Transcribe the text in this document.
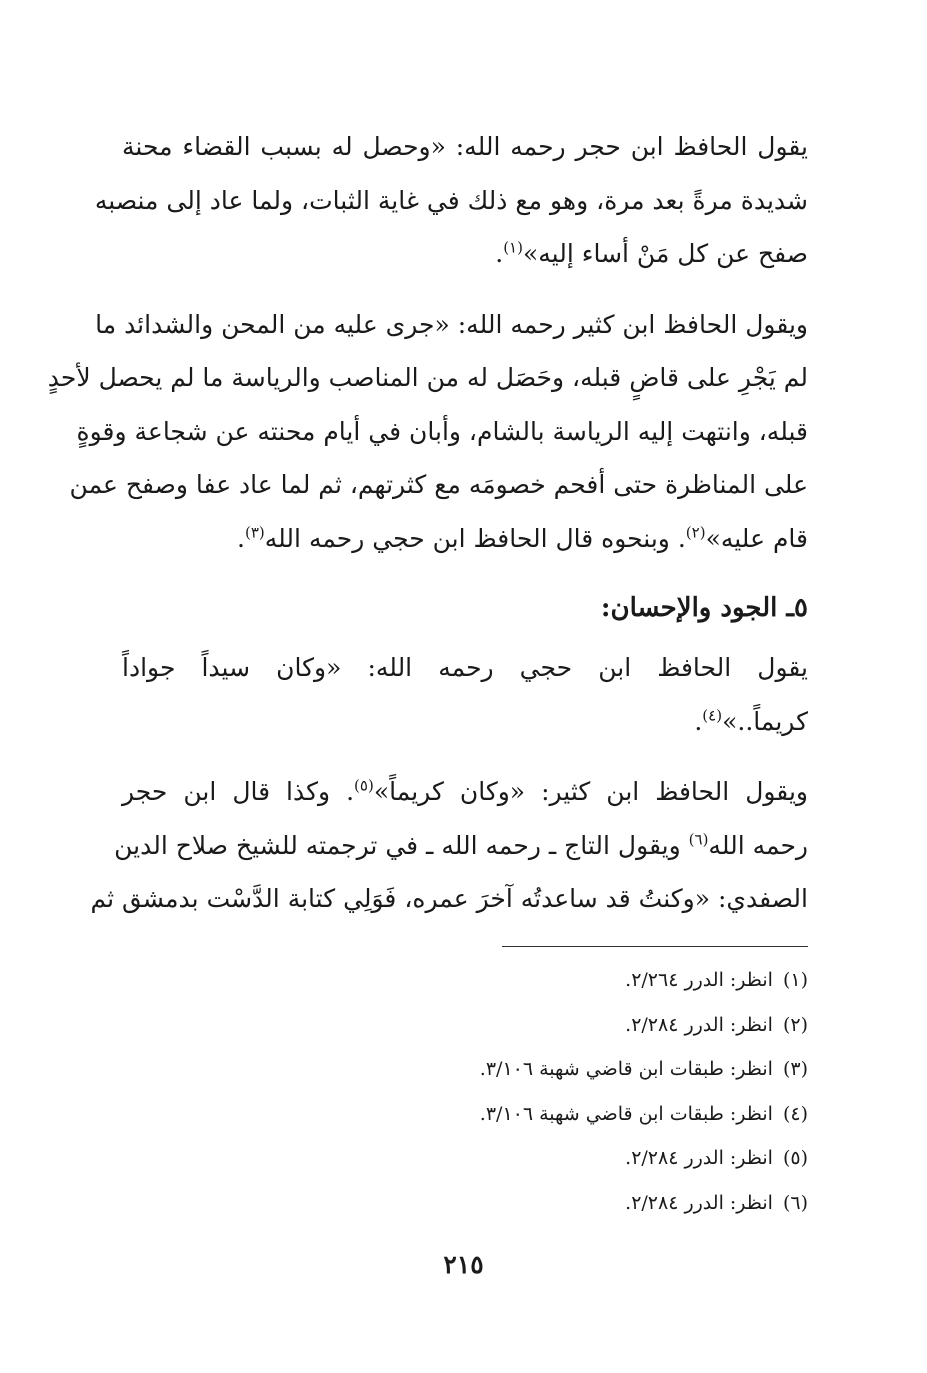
يقول الحافظ ابن حجر رحمه الله: «وحصل له بسبب القضاء محنة
شديدة مرةً بعد مرة، وهو مع ذلك في غاية الثبات، ولما عاد إلى منصبه
صفح عن كل مَنْ أساء إليه»$^{(١)}$.

ويقول الحافظ ابن كثير رحمه الله: «جرى عليه من المحن والشدائد ما
لم يَجْرِ على قاضٍ قبله، وحَصَل له من المناصب والرياسة ما لم يحصل لأحدٍ
قبله، وانتهت إليه الرياسة بالشام، وأبان في أيام محنته عن شجاعة وقوةٍ
على المناظرة حتى أفحم خصومَه مع كثرتهم، ثم لما عاد عفا وصفح عمن
قام عليه»$^{(٢)}$. وبنحوه قال الحافظ ابن حجي رحمه الله$^{(٣)}$.

٥ـ الجود والإحسان:

يقول الحافظ ابن حجي رحمه الله: «وكان سيداً جواداً
كريماً..»$^{(٤)}$.

ويقول الحافظ ابن كثير: «وكان كريماً»$^{(٥)}$. وكذا قال ابن حجر
رحمه الله$^{(٦)}$ ويقول التاج ـ رحمه الله ـ في ترجمته للشيخ صلاح الدين
الصفدي: «وكنتُ قد ساعدتُه آخرَ عمره، فَوَلِي كتابة الدَّسْت بدمشق ثم

(١)انظر: الدرر ٢/٢٦٤.
(٢)انظر: الدرر ٢/٢٨٤.
(٣)انظر: طبقات ابن قاضي شهبة ٣/١٠٦.
(٤)انظر: طبقات ابن قاضي شهبة ٣/١٠٦.
(٥)انظر: الدرر ٢/٢٨٤.
(٦)انظر: الدرر ٢/٢٨٤.
٢١٥
